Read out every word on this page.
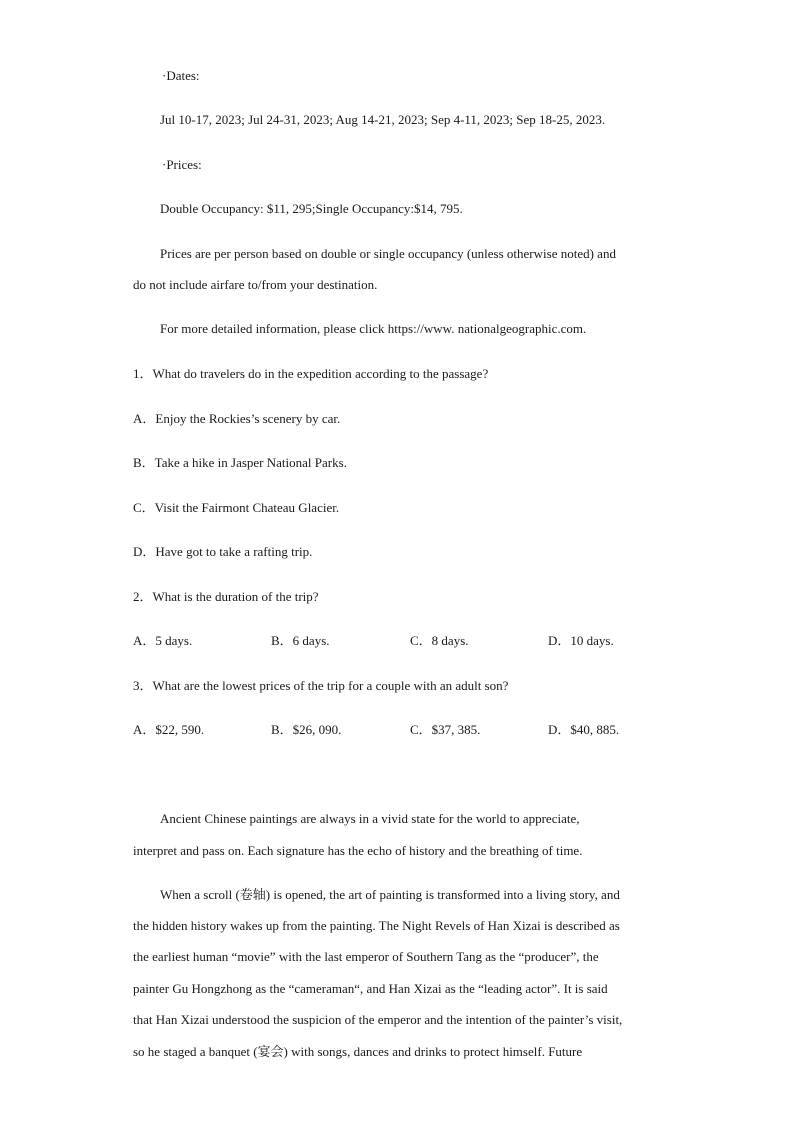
·Dates:
Jul 10-17, 2023; Jul 24-31, 2023; Aug 14-21, 2023; Sep 4-11, 2023; Sep 18-25, 2023.
·Prices:
Double Occupancy: $11, 295;Single Occupancy:$14, 795.
Prices are per person based on double or single occupancy (unless otherwise noted) and
do not include airfare to/from your destination.
For more detailed information, please click https://www. nationalgeographic.com.
1．What do travelers do in the expedition according to the passage?
A．Enjoy the Rockies’s scenery by car.
B．Take a hike in Jasper National Parks.
C．Visit the Fairmont Chateau Glacier.
D．Have got to take a rafting trip.
2．What is the duration of the trip?
A．5 days.	B．6 days.	C．8 days.	D．10 days.
3．What are the lowest prices of the trip for a couple with an adult son?
A．$22, 590.	B．$26, 090.	C．$37, 385.	D．$40, 885.
Ancient Chinese paintings are always in a vivid state for the world to appreciate,
interpret and pass on. Each signature has the echo of history and the breathing of time.
When a scroll (卷轴) is opened, the art of painting is transformed into a living story, and
the hidden history wakes up from the painting. The Night Revels of Han Xizai is described as
the earliest human “movie” with the last emperor of Southern Tang as the “producer”, the
painter Gu Hongzhong as the “cameraman“, and Han Xizai as the “leading actor”. It is said
that Han Xizai understood the suspicion of the emperor and the intention of the painter’s visit,
so he staged a banquet (宴会) with songs, dances and drinks to protect himself. Future
